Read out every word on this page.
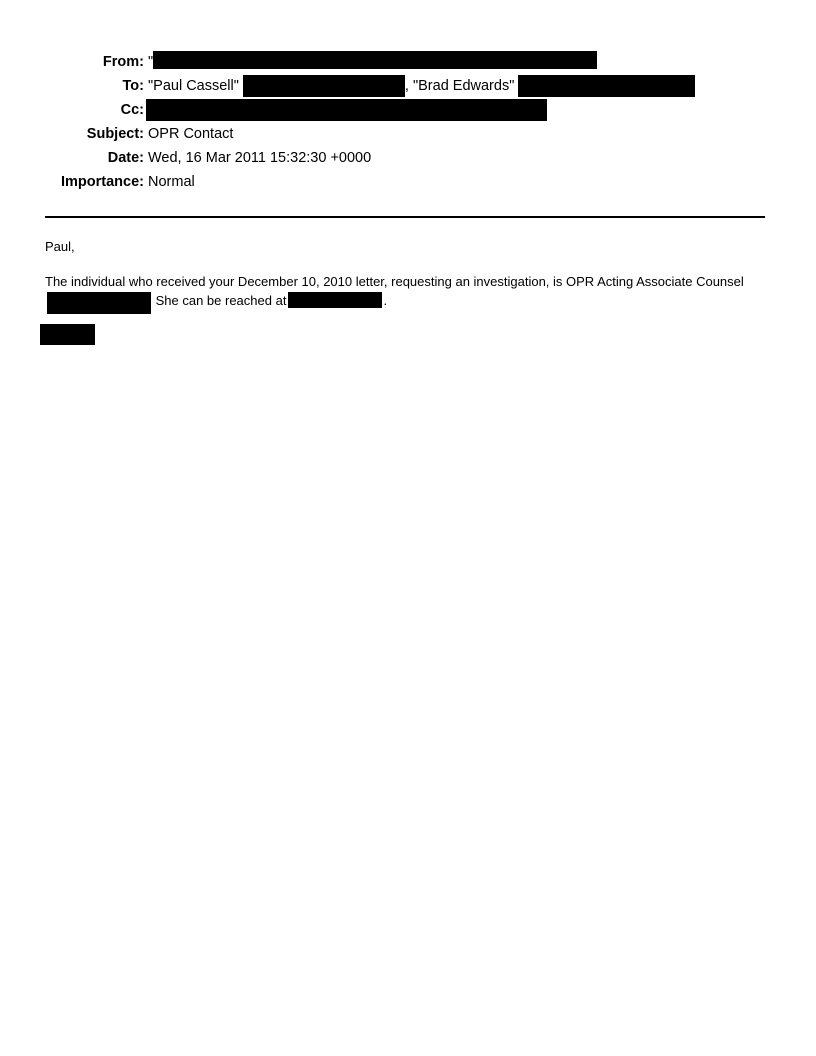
From: "
To: "Paul Cassell"	, "Brad Edwards"
Cc:
Subject: OPR Contact
Date: Wed, 16 Mar 2011 15:32:30 +0000
Importance: Normal
Paul,
The individual who received your December 10, 2010 letter, requesting an investigation, is OPR Acting Associate Counsel
She can be reached at	.
